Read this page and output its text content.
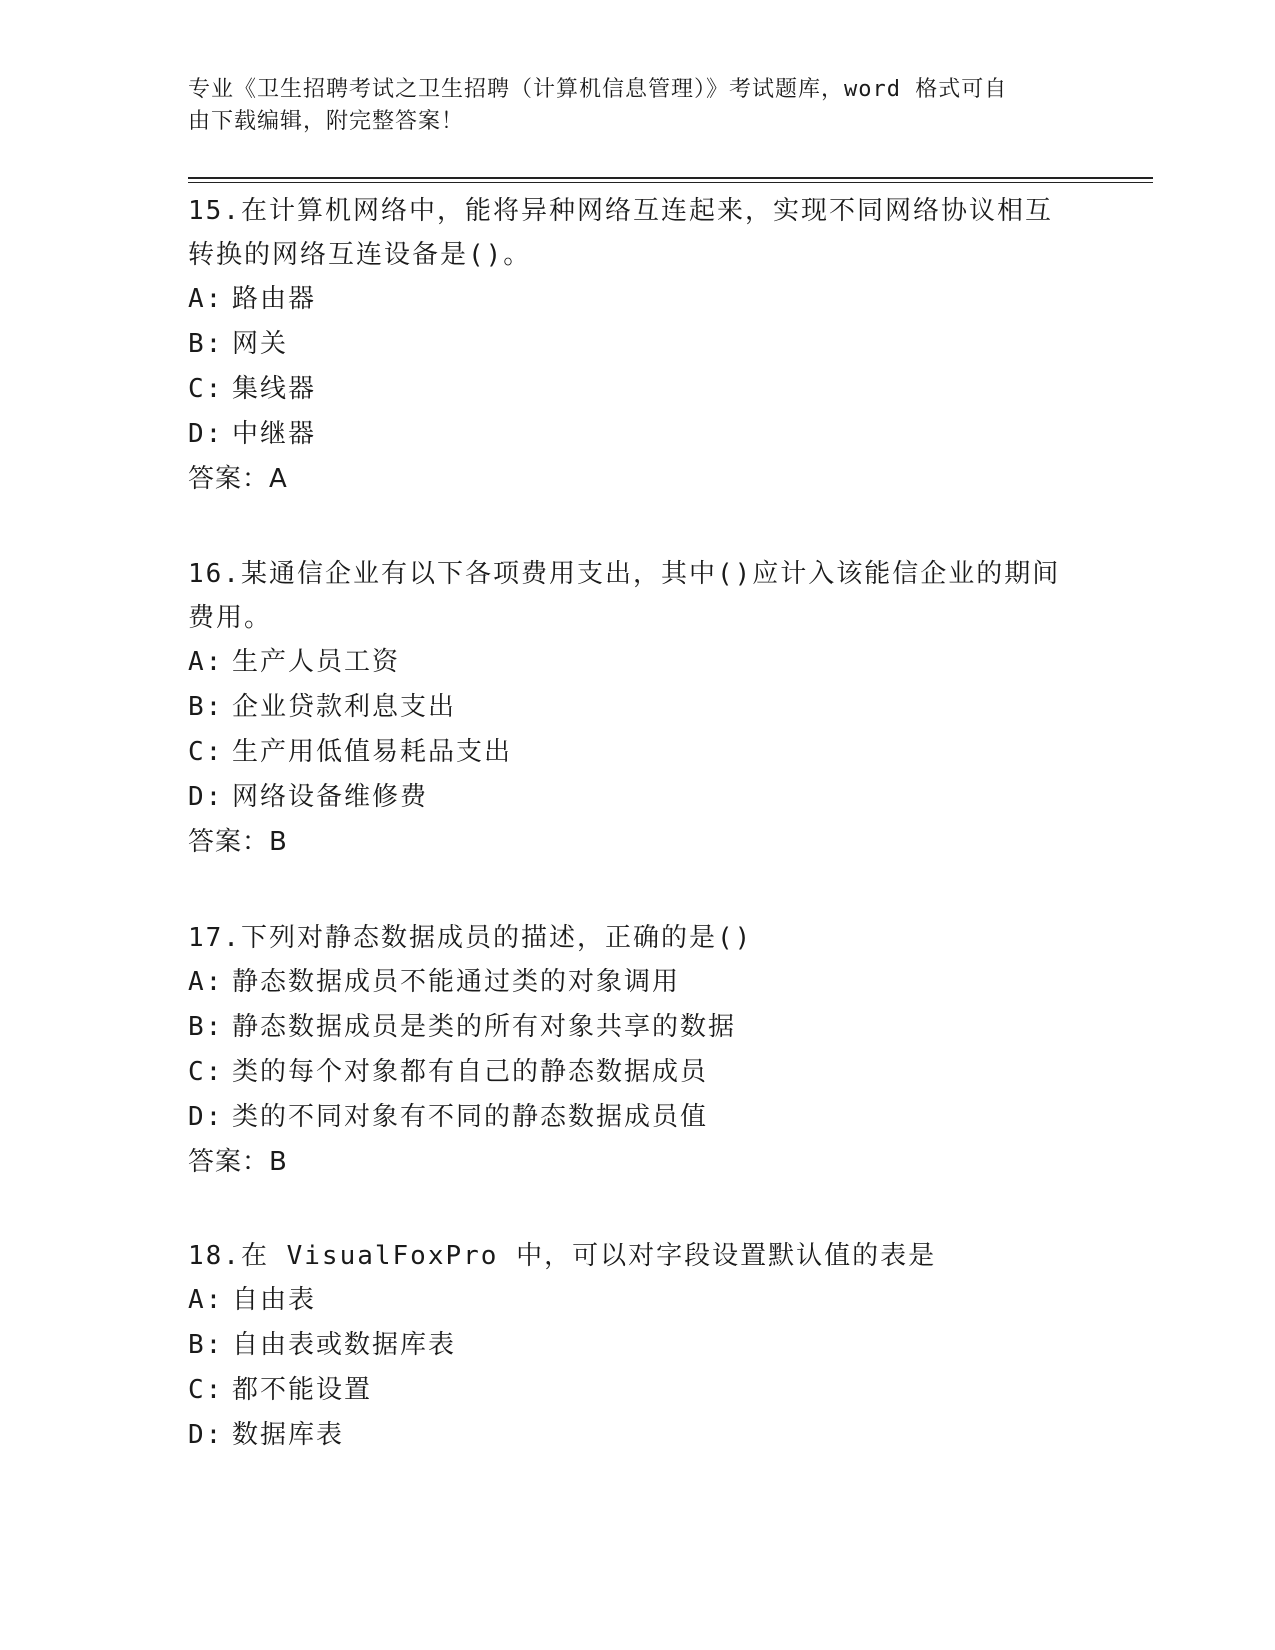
专业《卫生招聘考试之卫生招聘（计算机信息管理）》考试题库，word 格式可自
由下载编辑，附完整答案！

15.在计算机网络中，能将异种网络互连起来，实现不同网络协议相互

转换的网络互连设备是()。

A: 路由器

B: 网关

C: 集线器

D: 中继器

答案：A

16.某通信企业有以下各项费用支出，其中()应计入该能信企业的期间

费用。

A: 生产人员工资

B: 企业贷款利息支出

C: 生产用低值易耗品支出

D: 网络设备维修费

答案：B

17.下列对静态数据成员的描述，正确的是()

A: 静态数据成员不能通过类的对象调用

B: 静态数据成员是类的所有对象共享的数据

C: 类的每个对象都有自己的静态数据成员

D: 类的不同对象有不同的静态数据成员值

答案：B

18.在 VisualFoxPro 中，可以对字段设置默认值的表是

A: 自由表

B: 自由表或数据库表

C: 都不能设置

D: 数据库表
